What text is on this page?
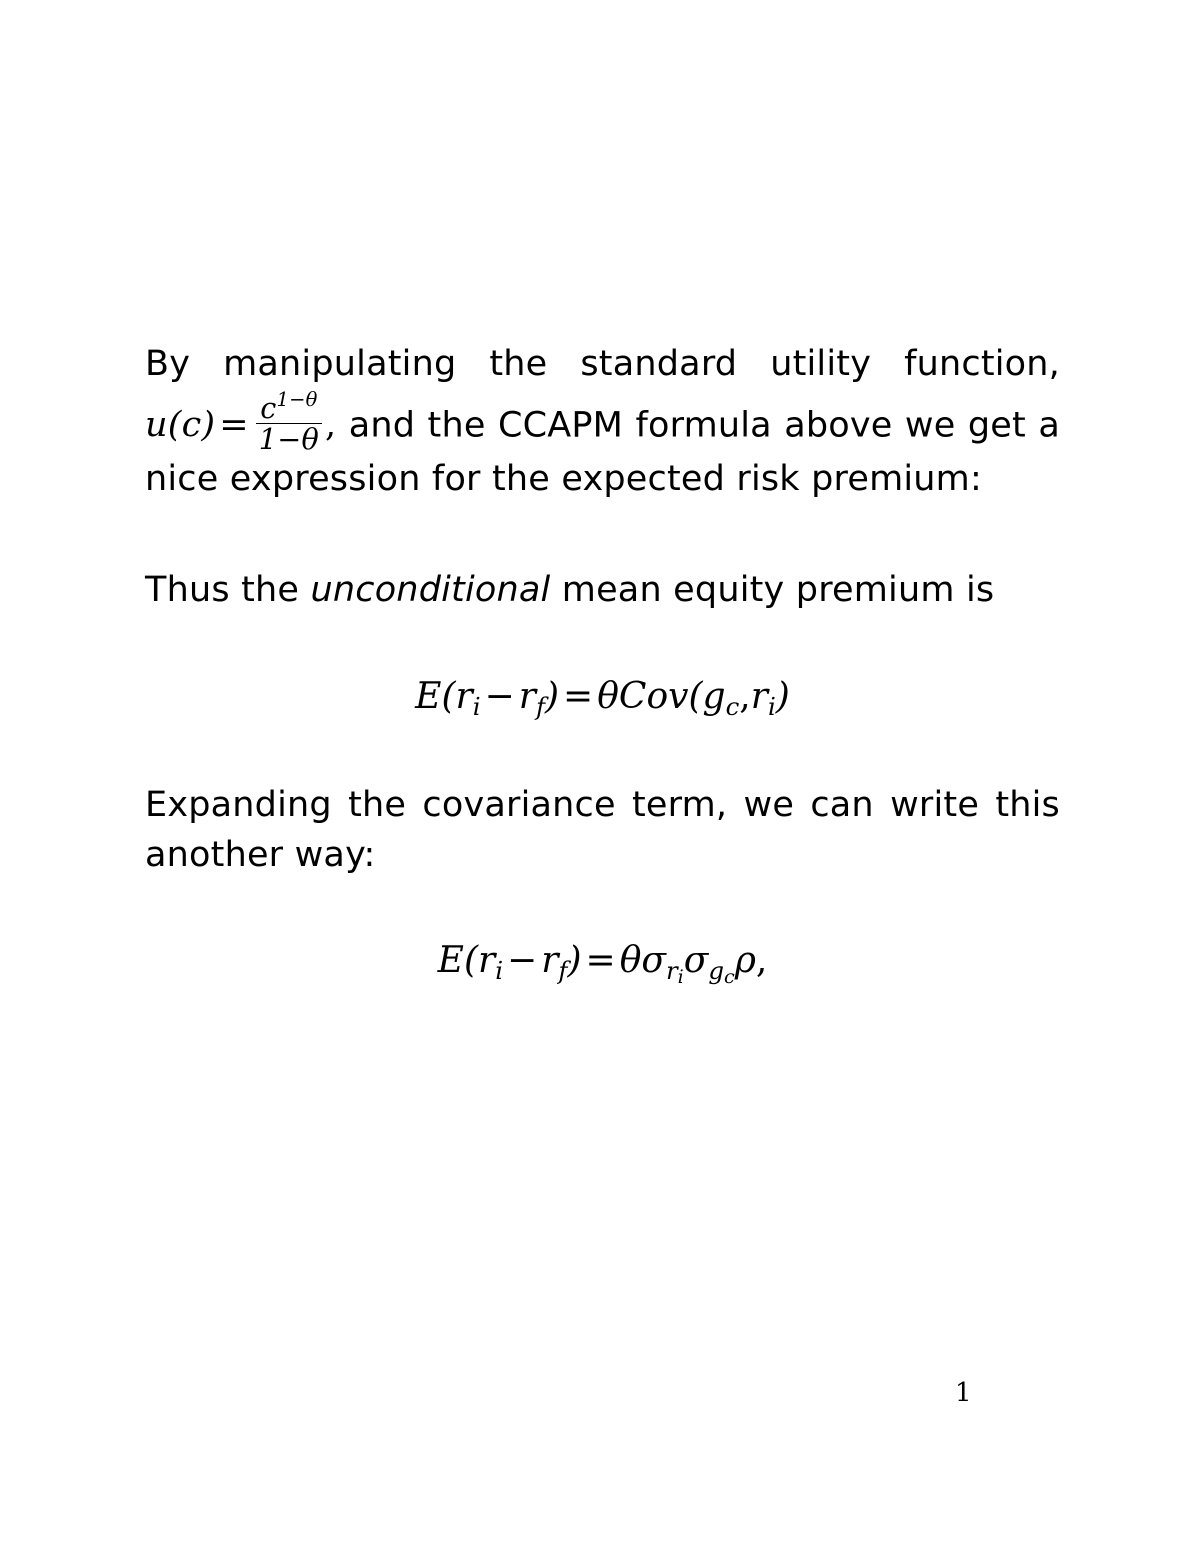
By manipulating the standard utility function, $u(c) = \frac{c^{1-\theta}}{1-\theta}$ , and the CCAPM formula above we get a nice expression for the expected risk premium:
Thus the unconditional mean equity premium is
$E(r_i - r_f) = \theta Cov(g_c,r_i)$
Expanding the covariance term, we can write this another way:
$E(r_i - r_f) = \theta\sigma_{ri}\sigma_{gc}\rho$,
1
